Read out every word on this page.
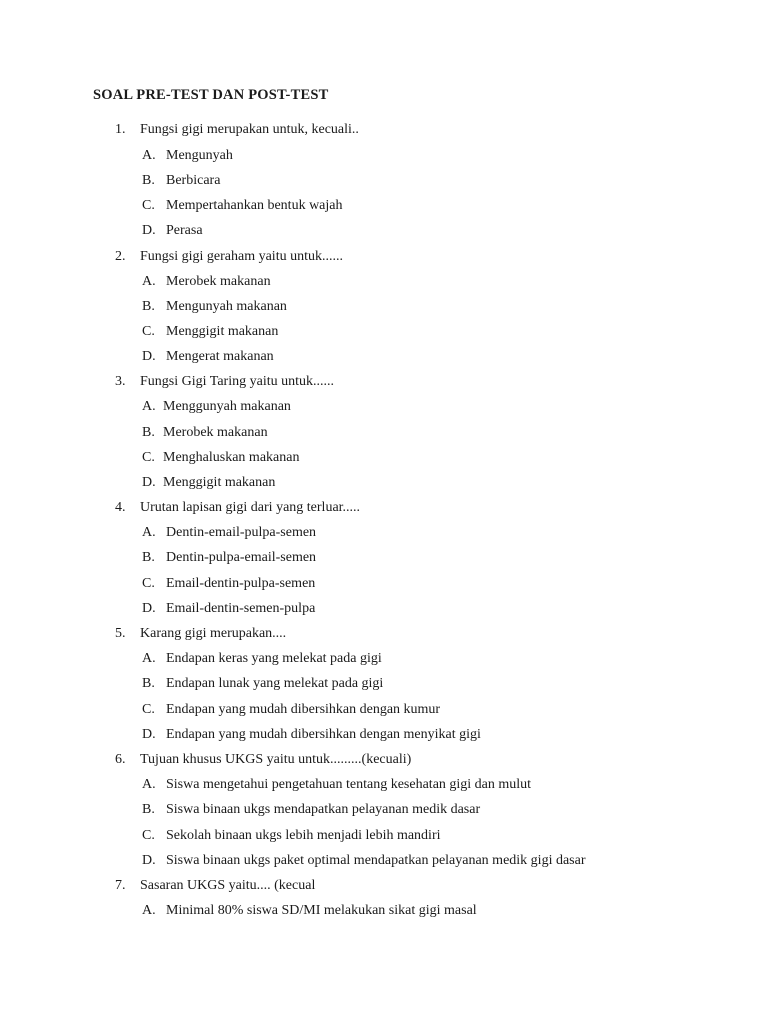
SOAL PRE-TEST DAN POST-TEST
1. Fungsi gigi merupakan untuk, kecuali..
A. Mengunyah
B. Berbicara
C. Mempertahankan bentuk wajah
D. Perasa
2. Fungsi gigi geraham yaitu untuk......
A. Merobek makanan
B. Mengunyah makanan
C. Menggigit makanan
D. Mengerat makanan
3. Fungsi Gigi Taring yaitu untuk......
A. Menggunyah makanan
B. Merobek makanan
C. Menghaluskan makanan
D. Menggigit makanan
4. Urutan lapisan gigi dari yang terluar.....
A. Dentin-email-pulpa-semen
B. Dentin-pulpa-email-semen
C. Email-dentin-pulpa-semen
D. Email-dentin-semen-pulpa
5. Karang gigi merupakan....
A. Endapan keras yang melekat pada gigi
B. Endapan lunak yang melekat pada gigi
C. Endapan yang mudah dibersihkan dengan kumur
D. Endapan yang mudah dibersihkan dengan menyikat gigi
6. Tujuan khusus UKGS yaitu untuk.........(kecuali)
A. Siswa mengetahui pengetahuan tentang kesehatan gigi dan mulut
B. Siswa binaan ukgs mendapatkan pelayanan medik dasar
C. Sekolah binaan ukgs lebih menjadi lebih mandiri
D. Siswa binaan ukgs paket optimal mendapatkan pelayanan medik gigi dasar
7. Sasaran UKGS yaitu.... (kecual
A. Minimal 80% siswa SD/MI melakukan sikat gigi masal
